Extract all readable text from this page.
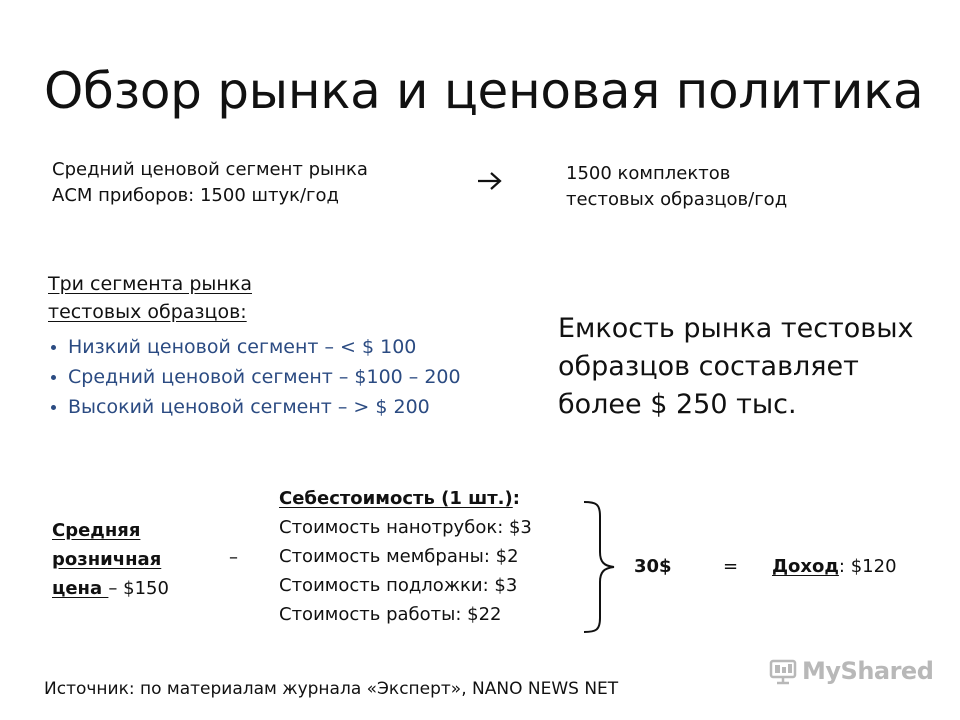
Обзор рынка и ценовая политика
Средний ценовой сегмент рынка
АСМ приборов: 1500 штук/год
1500 комплектов
тестовых образцов/год
Три сегмента рынка
тестовых образцов:
Низкий ценовой сегмент – < $ 100
Средний ценовой сегмент – $100 – 200
Высокий ценовой сегмент – > $ 200
Емкость рынка тестовых
образцов составляет
более $ 250 тыс.
Средняя
розничная
цена – $150
–
Себестоимость (1 шт.):
Стоимость нанотрубок: $3
Стоимость мембраны: $2
Стоимость подложки: $3
Стоимость работы: $22
30$	= Доход: $120
Источник: по материалам журнала «Эксперт», NANO NEWS NET
MyShared
